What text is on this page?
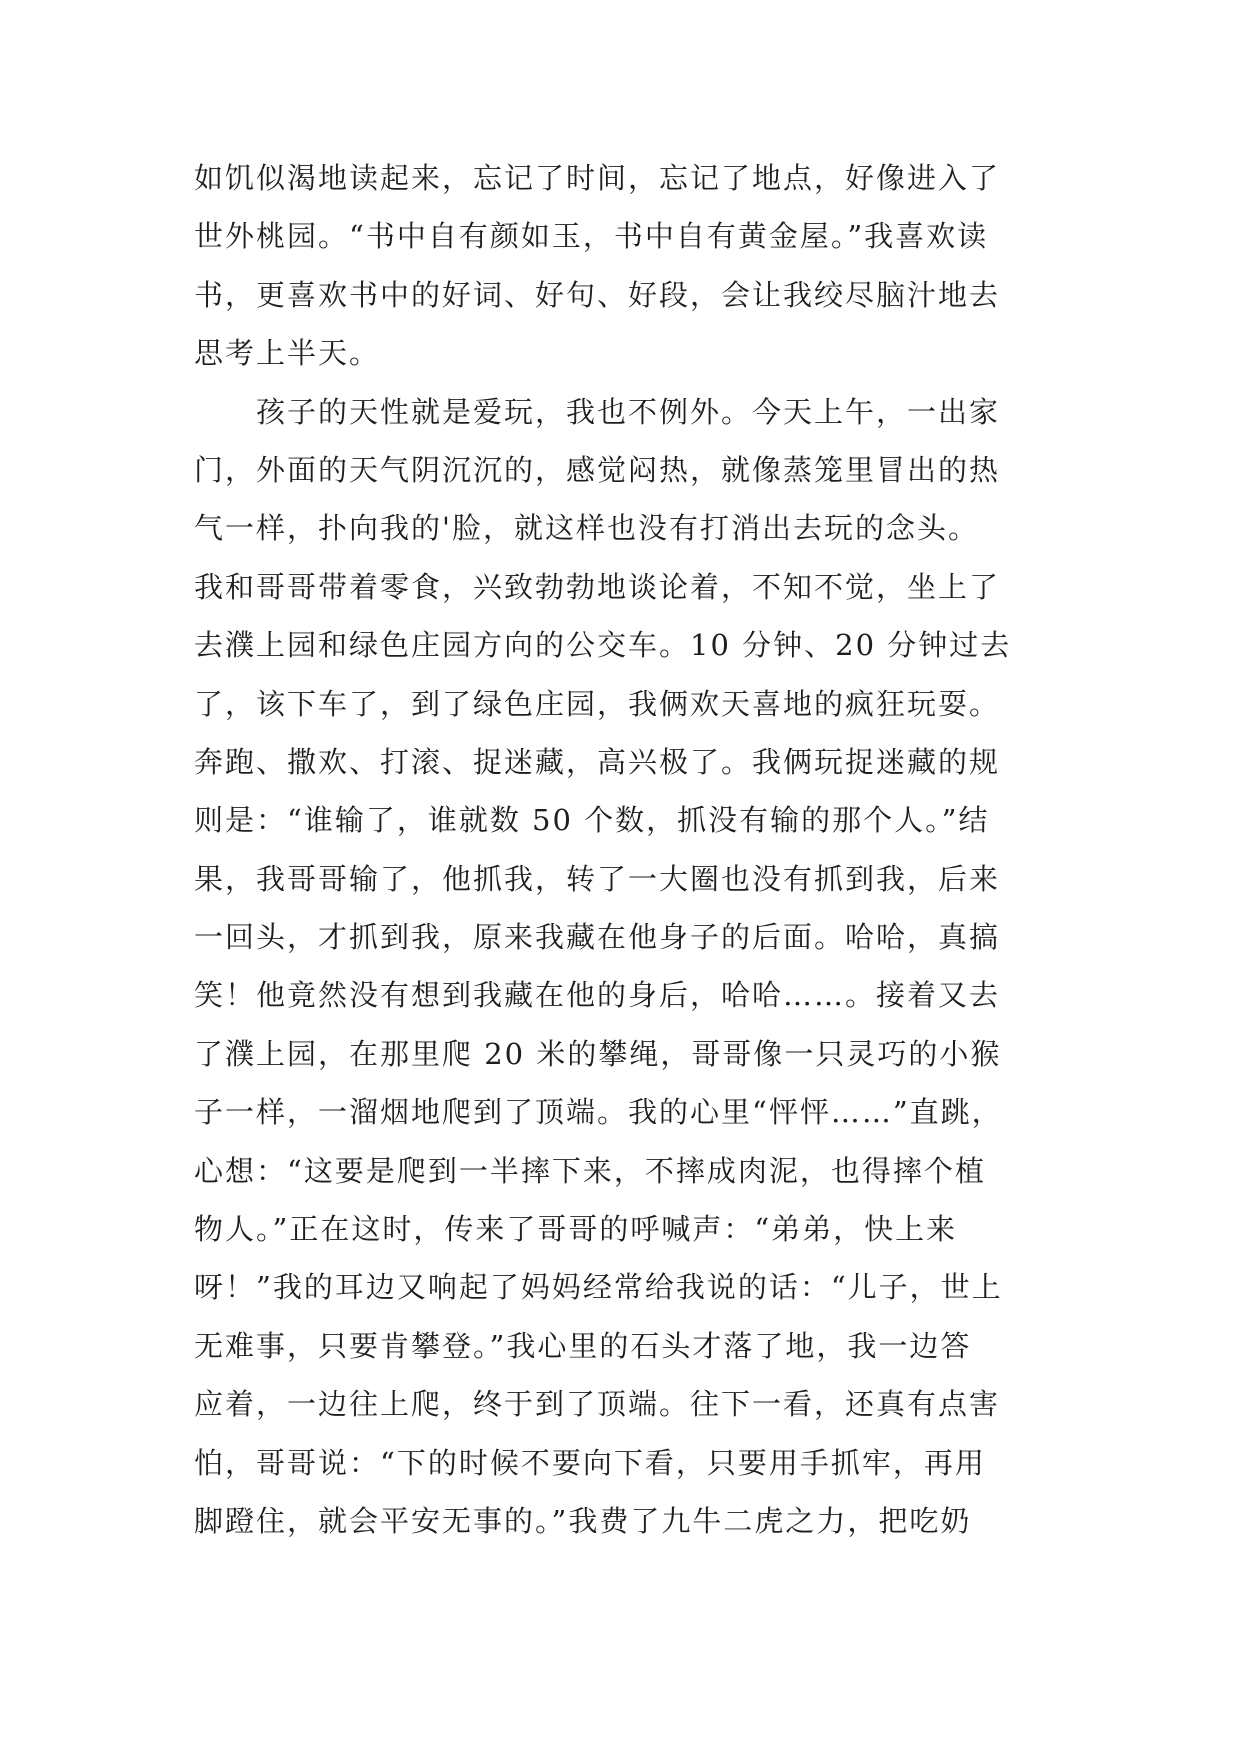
如饥似渴地读起来，忘记了时间，忘记了地点，好像进入了
世外桃园。“书中自有颜如玉，书中自有黄金屋。”我喜欢读
书，更喜欢书中的好词、好句、好段，会让我绞尽脑汁地去
思考上半天。
　　孩子的天性就是爱玩，我也不例外。今天上午，一出家
门，外面的天气阴沉沉的，感觉闷热，就像蒸笼里冒出的热
气一样，扑向我的'脸，就这样也没有打消出去玩的念头。
我和哥哥带着零食，兴致勃勃地谈论着，不知不觉，坐上了
去濮上园和绿色庄园方向的公交车。10 分钟、20 分钟过去
了，该下车了，到了绿色庄园，我俩欢天喜地的疯狂玩耍。
奔跑、撒欢、打滚、捉迷藏，高兴极了。我俩玩捉迷藏的规
则是：“谁输了，谁就数 50 个数，抓没有输的那个人。”结
果，我哥哥输了，他抓我，转了一大圈也没有抓到我，后来
一回头，才抓到我，原来我藏在他身子的后面。哈哈，真搞
笑！他竟然没有想到我藏在他的身后，哈哈……。接着又去
了濮上园，在那里爬 20 米的攀绳，哥哥像一只灵巧的小猴
子一样，一溜烟地爬到了顶端。我的心里“怦怦……”直跳，
心想：“这要是爬到一半摔下来，不摔成肉泥，也得摔个植
物人。”正在这时，传来了哥哥的呼喊声：“弟弟，快上来
呀！”我的耳边又响起了妈妈经常给我说的话：“儿子，世上
无难事，只要肯攀登。”我心里的石头才落了地，我一边答
应着，一边往上爬，终于到了顶端。往下一看，还真有点害
怕，哥哥说：“下的时候不要向下看，只要用手抓牢，再用
脚蹬住，就会平安无事的。”我费了九牛二虎之力，把吃奶
